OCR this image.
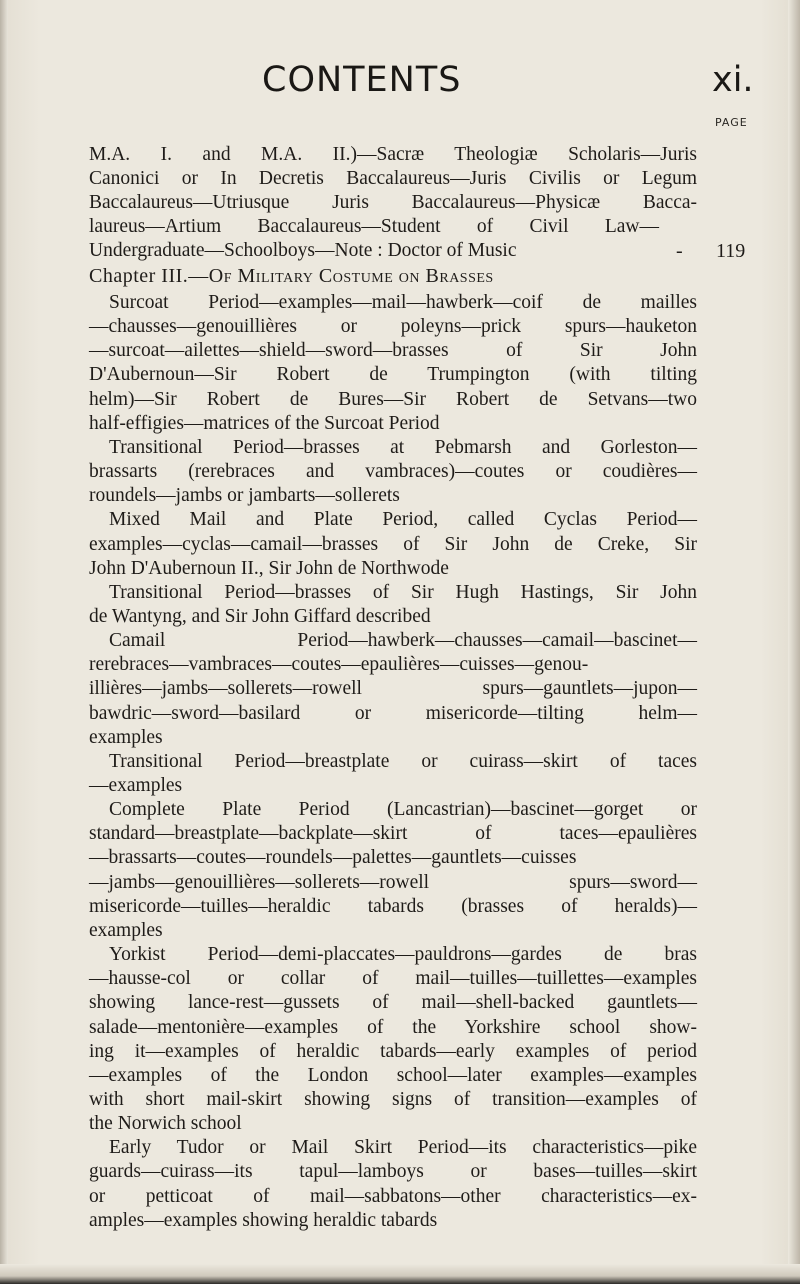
CONTENTS	xi.
PAGE
M.A. I. and M.A. II.)—Sacræ Theologiæ Scholaris—Juris
Canonici or In Decretis Baccalaureus—Juris Civilis or Legum
Baccalaureus—Utriusque Juris Baccalaureus—Physicæ Bacca-
laureus—Artium Baccalaureus—Student of Civil Law—
Undergraduate—Schoolboys—Note : Doctor of Music	- 119
Chapter III.—Of Military Costume on Brasses
Surcoat Period—examples—mail—hawberk—coif de mailles
—chausses—genouillières or poleyns—prick spurs—hauketon
—surcoat—ailettes—shield—sword—brasses of Sir John
D'Aubernoun—Sir Robert de Trumpington (with tilting
helm)—Sir Robert de Bures—Sir Robert de Setvans—two
half-effigies—matrices of the Surcoat Period
Transitional Period—brasses at Pebmarsh and Gorleston—
brassarts (rerebraces and vambraces)—coutes or coudières—
roundels—jambs or jambarts—sollerets
Mixed Mail and Plate Period, called Cyclas Period—
examples—cyclas—camail—brasses of Sir John de Creke, Sir
John D'Aubernoun II., Sir John de Northwode
Transitional Period—brasses of Sir Hugh Hastings, Sir John
de Wantyng, and Sir John Giffard described
Camail Period—hawberk—chausses—camail—bascinet—
rerebraces—vambraces—coutes—epaulières—cuisses—genou-
illières—jambs—sollerets—rowell spurs—gauntlets—jupon—
bawdric—sword—basilard or misericorde—tilting helm—
examples
Transitional Period—breastplate or cuirass—skirt of taces
—examples
Complete Plate Period (Lancastrian)—bascinet—gorget or
standard—breastplate—backplate—skirt of taces—epaulières
—brassarts—coutes—roundels—palettes—gauntlets—cuisses
—jambs—genouillières—sollerets—rowell spurs—sword—
misericorde—tuilles—heraldic tabards (brasses of heralds)—
examples
Yorkist Period—demi-placcates—pauldrons—gardes de bras
—hausse-col or collar of mail—tuilles—tuillettes—examples
showing lance-rest—gussets of mail—shell-backed gauntlets—
salade—mentonière—examples of the Yorkshire school show-
ing it—examples of heraldic tabards—early examples of period
—examples of the London school—later examples—examples
with short mail-skirt showing signs of transition—examples of
the Norwich school
Early Tudor or Mail Skirt Period—its characteristics—pike
guards—cuirass—its tapul—lamboys or bases—tuilles—skirt
or petticoat of mail—sabbatons—other characteristics—ex-
amples—examples showing heraldic tabards
